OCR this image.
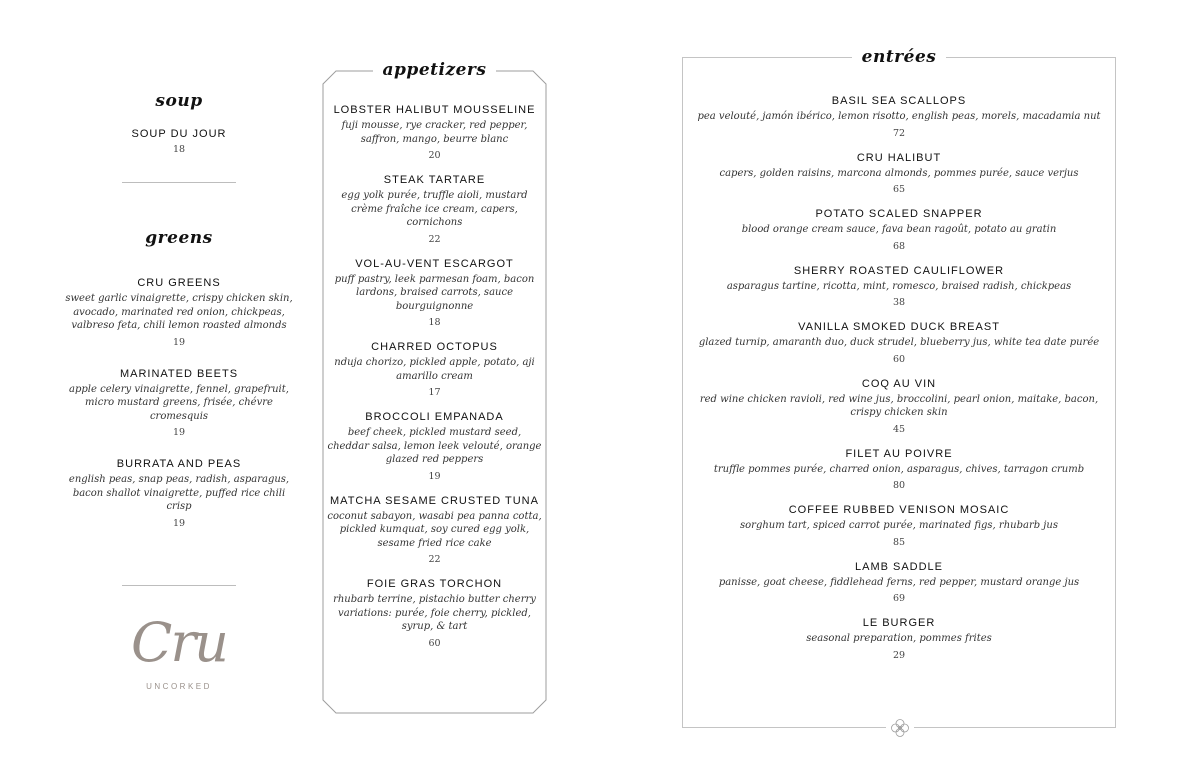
soup
SOUP DU JOUR
18
greens
CRU GREENS
sweet garlic vinaigrette, crispy chicken skin, avocado, marinated red onion, chickpeas, valbreso feta, chili lemon roasted almonds
19
MARINATED BEETS
apple celery vinaigrette, fennel, grapefruit, micro mustard greens, frisée, chévre cromesquis
19
BURRATA AND PEAS
english peas, snap peas, radish, asparagus, bacon shallot vinaigrette, puffed rice chili crisp
19
Cru
UNCORKED
appetizers
LOBSTER HALIBUT MOUSSELINE
fuji mousse, rye cracker, red pepper, saffron, mango, beurre blanc
20
STEAK TARTARE
egg yolk purée, truffle aioli, mustard crème fraîche ice cream, capers, cornichons
22
VOL-AU-VENT ESCARGOT
puff pastry, leek parmesan foam, bacon lardons, braised carrots, sauce bourguignonne
18
CHARRED OCTOPUS
nduja chorizo, pickled apple, potato, aji amarillo cream
17
BROCCOLI EMPANADA
beef cheek, pickled mustard seed, cheddar salsa, lemon leek velouté, orange glazed red peppers
19
MATCHA SESAME CRUSTED TUNA
coconut sabayon, wasabi pea panna cotta, pickled kumquat, soy cured egg yolk, sesame fried rice cake
22
FOIE GRAS TORCHON
rhubarb terrine, pistachio butter cherry variations: purée, foie cherry, pickled, syrup, & tart
60
entrées
BASIL SEA SCALLOPS
pea velouté, jamón ibérico, lemon risotto, english peas, morels, macadamia nut
72
CRU HALIBUT
capers, golden raisins, marcona almonds, pommes purée, sauce verjus
65
POTATO SCALED SNAPPER
blood orange cream sauce, fava bean ragoût, potato au gratin
68
SHERRY ROASTED CAULIFLOWER
asparagus tartine, ricotta, mint, romesco, braised radish, chickpeas
38
VANILLA SMOKED DUCK BREAST
glazed turnip, amaranth duo, duck strudel, blueberry jus, white tea date purée
60
COQ AU VIN
red wine chicken ravioli, red wine jus, broccolini, pearl onion, maitake, bacon, crispy chicken skin
45
FILET AU POIVRE
truffle pommes purée, charred onion, asparagus, chives, tarragon crumb
80
COFFEE RUBBED VENISON MOSAIC
sorghum tart, spiced carrot purée, marinated figs, rhubarb jus
85
LAMB SADDLE
panisse, goat cheese, fiddlehead ferns, red pepper, mustard orange jus
69
LE BURGER
seasonal preparation, pommes frites
29
